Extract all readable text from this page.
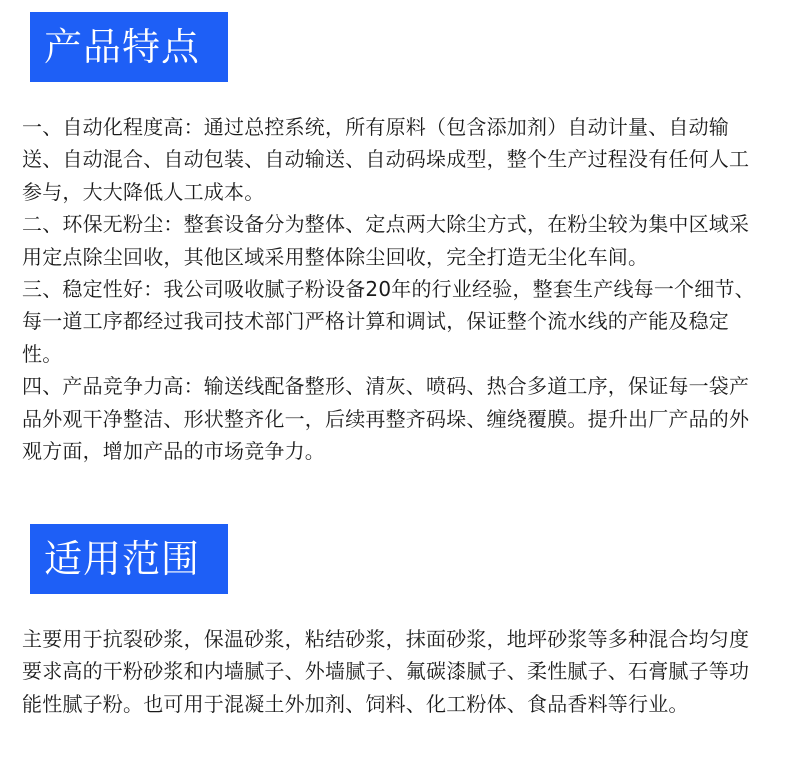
产品特点

一、自动化程度高：通过总控系统，所有原料（包含添加剂）自动计量、自动输送、自动混合、自动包装、自动输送、自动码垛成型，整个生产过程没有任何人工参与，大大降低人工成本。

二、环保无粉尘：整套设备分为整体、定点两大除尘方式，在粉尘较为集中区域采用定点除尘回收，其他区域采用整体除尘回收，完全打造无尘化车间。

三、稳定性好：我公司吸收腻子粉设备20年的行业经验，整套生产线每一个细节、每一道工序都经过我司技术部门严格计算和调试，保证整个流水线的产能及稳定性。

四、产品竞争力高：输送线配备整形、清灰、喷码、热合多道工序，保证每一袋产品外观干净整洁、形状整齐化一，后续再整齐码垛、缠绕覆膜。提升出厂产品的外观方面，增加产品的市场竞争力。

适用范围

主要用于抗裂砂浆，保温砂浆，粘结砂浆，抹面砂浆，地坪砂浆等多种混合均匀度要求高的干粉砂浆和内墙腻子、外墙腻子、氟碳漆腻子、柔性腻子、石膏腻子等功能性腻子粉。也可用于混凝土外加剂、饲料、化工粉体、食品香料等行业。
